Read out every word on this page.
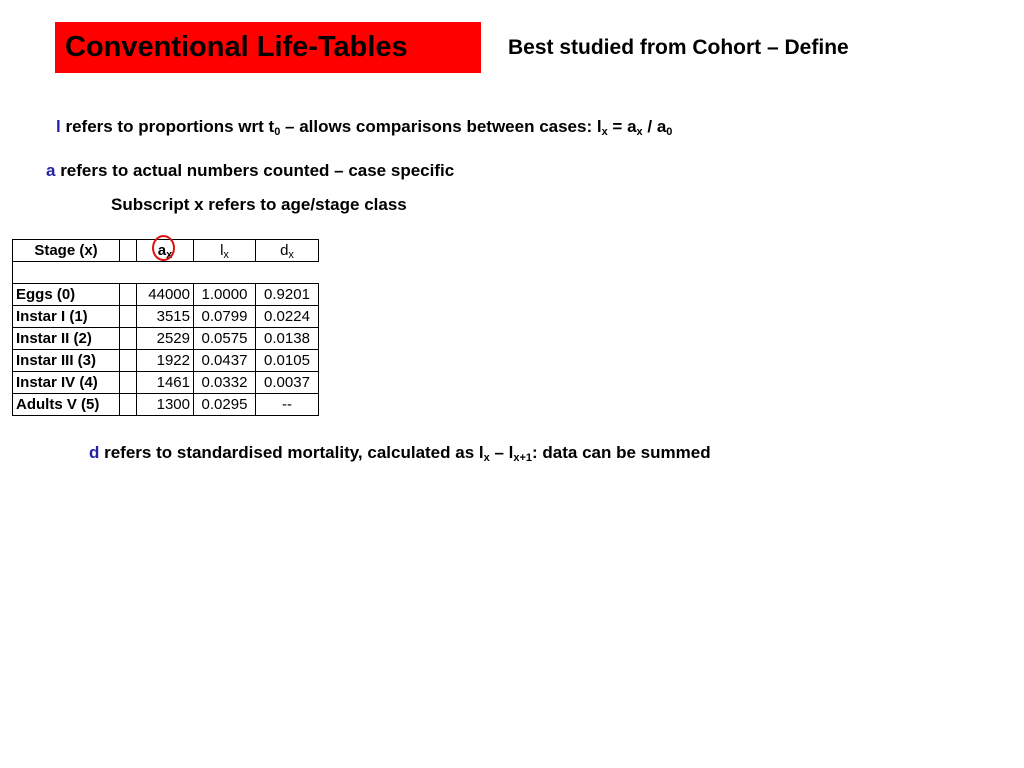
Conventional Life-Tables	Best studied from Cohort – Define
l refers to proportions wrt $t_0$ – allows comparisons between cases: $l_x = a_x / a_0$
a refers to actual numbers counted – case specific
Subscript x refers to age/stage class
Stage (x)		$a_x$	$l_x$	$d_x$

Eggs (0)		44000	1.0000	0.9201
Instar I (1)		3515	0.0799	0.0224
Instar II (2)		2529	0.0575	0.0138
Instar III (3)		1922	0.0437	0.0105
Instar IV (4)		1461	0.0332	0.0037
Adults V (5)		1300	0.0295	--
d refers to standardised mortality, calculated as $l_x - l_{x+1}$: data can be summed
